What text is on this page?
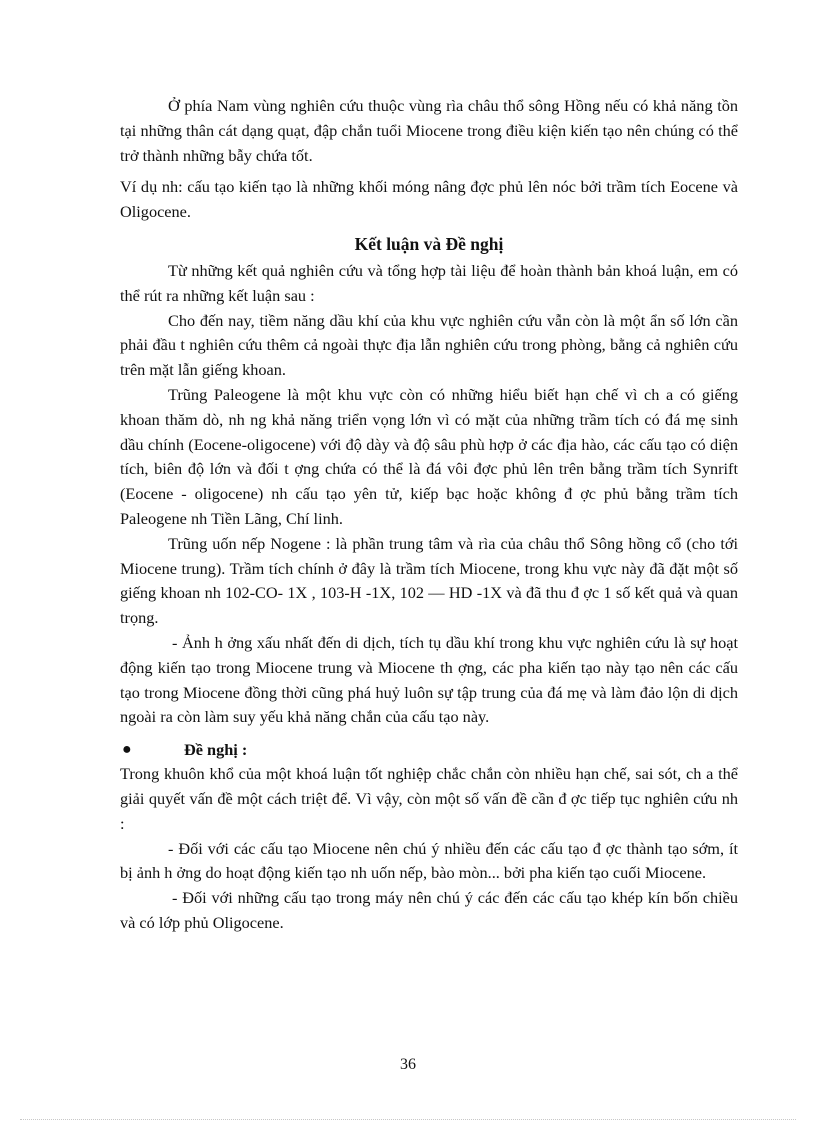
Ở phía Nam vùng nghiên cứu thuộc vùng rìa châu thổ sông Hồng nếu có khả năng tồn tại những thân cát dạng quạt, đập chắn tuổi Miocene trong điều kiện kiến tạo nên chúng có thể trở thành những bẫy chứa tốt.

Ví dụ nh: cấu tạo kiến tạo là những khối móng nâng đợc phủ lên nóc bởi trầm tích Eocene và Oligocene.

Kết luận và Đề nghị

Từ những kết quả nghiên cứu và tổng hợp tài liệu để hoàn thành bản khoá luận, em có thể rút ra những kết luận sau :

Cho đến nay, tiềm năng dầu khí của khu vực nghiên cứu vẫn còn là một ẩn số lớn cần phải đầu t nghiên cứu thêm cả ngoài thực địa lẫn nghiên cứu trong phòng, bằng cả nghiên cứu trên mặt lẫn giếng khoan.

Trũng Paleogene là một khu vực còn có những hiểu biết hạn chế vì ch a có giếng khoan thăm dò, nh ng khả năng triển vọng lớn vì có mặt của những trầm tích có đá mẹ sinh dầu chính (Eocene-oligocene) với độ dày và độ sâu phù hợp ở các địa hào, các cấu tạo có diện tích, biên độ lớn và đối t ợng chứa có thể là đá vôi đợc phủ lên trên bằng trầm tích Synrift (Eocene - oligocene) nh cấu tạo yên tử, kiếp bạc hoặc không đ ợc phủ bằng trầm tích Paleogene nh Tiền Lãng, Chí linh.

Trũng uốn nếp Nogene : là phần trung tâm và rìa của châu thổ Sông hồng cổ (cho tới Miocene trung). Trầm tích chính ở đây là trầm tích Miocene, trong khu vực này đã đặt một số giếng khoan nh 102-CO- 1X , 103-H -1X, 102 — HD -1X và đã thu đ ợc 1 số kết quả và quan trọng.

- Ảnh h ởng xấu nhất đến di dịch, tích tụ dầu khí trong khu vực nghiên cứu là sự hoạt động kiến tạo trong Miocene trung và Miocene th ợng, các pha kiến tạo này tạo nên các cấu tạo trong Miocene đồng thời cũng phá huỷ luôn sự tập trung của đá mẹ và làm đảo lộn di dịch ngoài ra còn làm suy yếu khả năng chắn của cấu tạo này.

●	Đề nghị :

Trong khuôn khổ của một khoá luận tốt nghiệp chắc chắn còn nhiều hạn chế, sai sót, ch a thể giải quyết vấn đề một cách triệt để. Vì vậy, còn một số vấn đề cần đ ợc tiếp tục nghiên cứu nh :

- Đối với các cấu tạo Miocene nên chú ý nhiều đến các cấu tạo đ ợc thành tạo sớm, ít bị ảnh h ởng do hoạt động kiến tạo nh uốn nếp, bào mòn... bởi pha kiến tạo cuối Miocene.

- Đối với những cấu tạo trong máy nên chú ý các đến các cấu tạo khép kín bốn chiều và có lớp phủ Oligocene.

36
